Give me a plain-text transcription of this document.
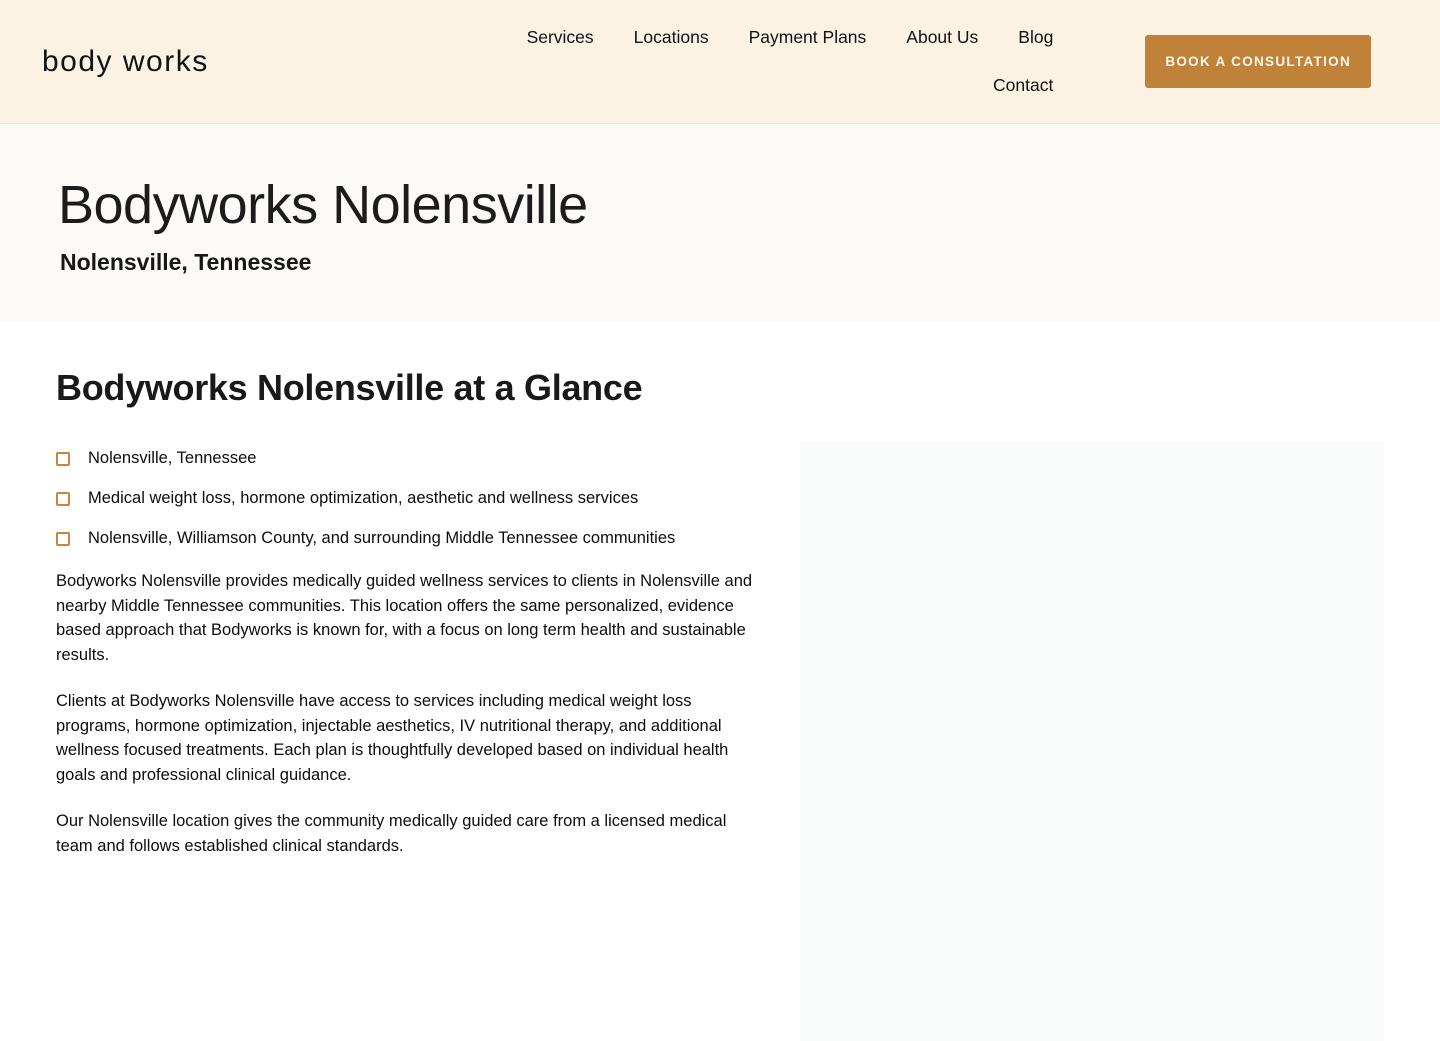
body works
Services Locations Payment Plans About Us Blog
Contact
BOOK A CONSULTATION
Bodyworks Nolensville
Nolensville, Tennessee
Bodyworks Nolensville at a Glance
Nolensville, Tennessee
Medical weight loss, hormone optimization, aesthetic and wellness services
Nolensville, Williamson County, and surrounding Middle Tennessee communities

Bodyworks Nolensville provides medically guided wellness services to clients in Nolensville and nearby Middle Tennessee communities. This location offers the same personalized, evidence based approach that Bodyworks is known for, with a focus on long term health and sustainable results.

Clients at Bodyworks Nolensville have access to services including medical weight loss programs, hormone optimization, injectable aesthetics, IV nutritional therapy, and additional wellness focused treatments. Each plan is thoughtfully developed based on individual health goals and professional clinical guidance.

Our Nolensville location gives the community medically guided care from a licensed medical team and follows established clinical standards.
